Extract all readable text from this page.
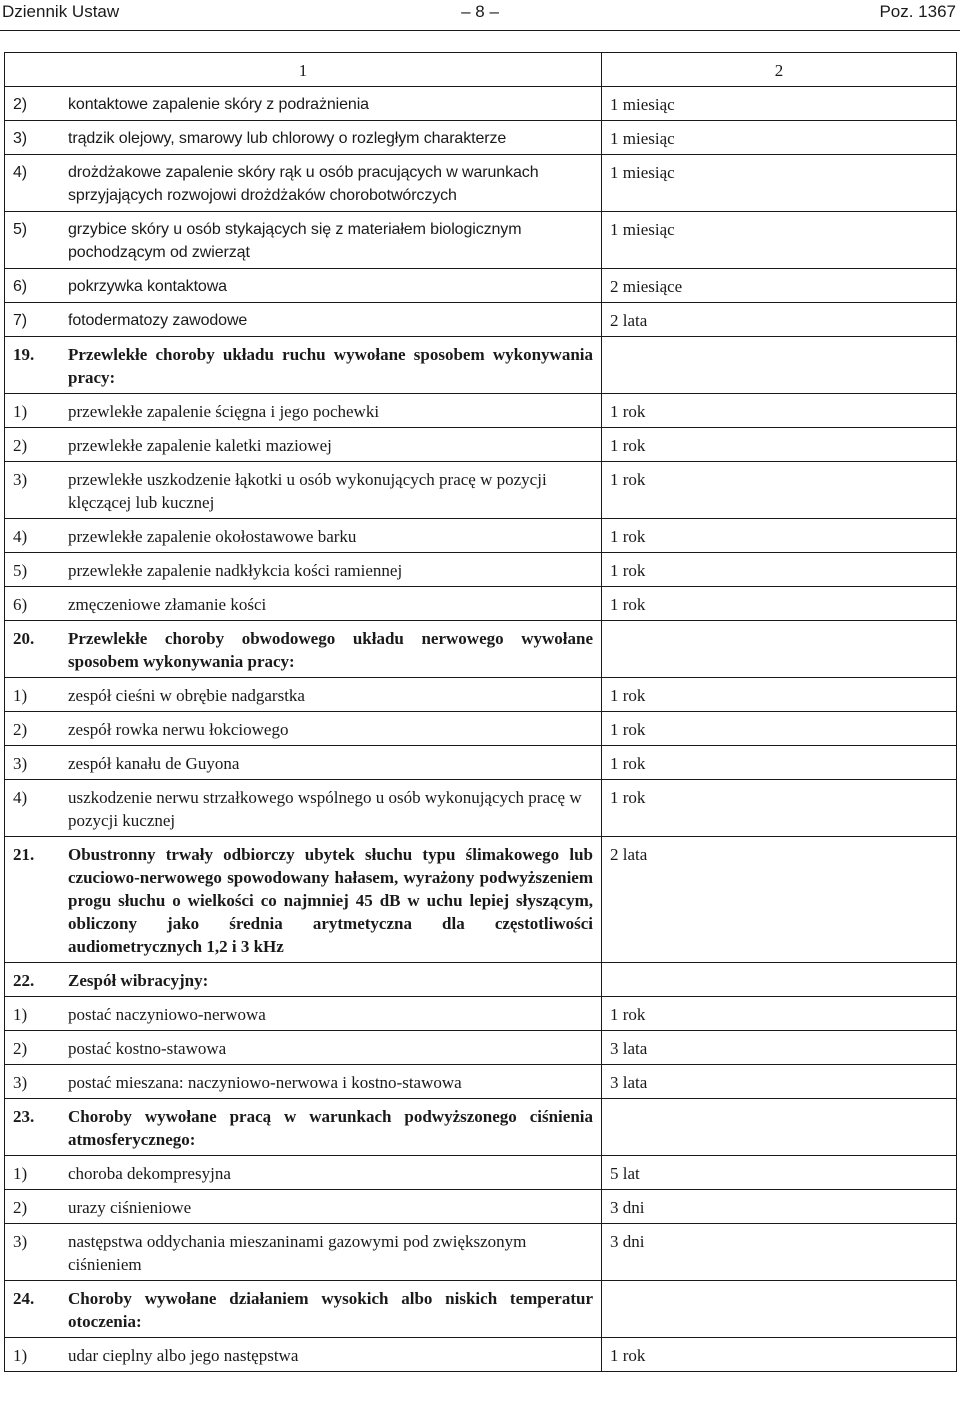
Dziennik Ustaw	– 8 –	Poz. 1367
1	2

2) kontaktowe zapalenie skóry z podrażnienia	1 miesiąc

3) trądzik olejowy, smarowy lub chlorowy o rozległym charakterze	1 miesiąc

4) drożdżakowe zapalenie skóry rąk u osób pracujących w warunkach sprzyjających rozwojowi drożdżaków chorobotwórczych	1 miesiąc

5) grzybice skóry u osób stykających się z materiałem biologicznym pochodzącym od zwierząt	1 miesiąc

6) pokrzywka kontaktowa	2 miesiące

7) fotodermatozy zawodowe	2 lata

19. Przewlekłe choroby układu ruchu wywołane sposobem wykonywania pracy:	

1) przewlekłe zapalenie ścięgna i jego pochewki	1 rok

2) przewlekłe zapalenie kaletki maziowej	1 rok

3) przewlekłe uszkodzenie łąkotki u osób wykonujących pracę w pozycji klęczącej lub kucznej	1 rok

4) przewlekłe zapalenie okołostawowe barku	1 rok

5) przewlekłe zapalenie nadkłykcia kości ramiennej	1 rok

6) zmęczeniowe złamanie kości	1 rok

20. Przewlekłe choroby obwodowego układu nerwowego wywołane sposobem wykonywania pracy:	

1) zespół cieśni w obrębie nadgarstka	1 rok

2) zespół rowka nerwu łokciowego	1 rok

3) zespół kanału de Guyona	1 rok

4) uszkodzenie nerwu strzałkowego wspólnego u osób wykonujących pracę w pozycji kucznej	1 rok

21. Obustronny trwały odbiorczy ubytek słuchu typu ślimakowego lub czuciowo-nerwowego spowodowany hałasem, wyrażony podwyższeniem progu słuchu o wielkości co najmniej 45 dB w uchu lepiej słyszącym, obliczony jako średnia arytmetyczna dla częstotliwości audiometrycznych 1,2 i 3 kHz	2 lata

22. Zespół wibracyjny:	

1) postać naczyniowo-nerwowa	1 rok

2) postać kostno-stawowa	3 lata

3) postać mieszana: naczyniowo-nerwowa i kostno-stawowa	3 lata

23. Choroby wywołane pracą w warunkach podwyższonego ciśnienia atmosferycznego:	

1) choroba dekompresyjna	5 lat

2) urazy ciśnieniowe	3 dni

3) następstwa oddychania mieszaninami gazowymi pod zwiększonym ciśnieniem	3 dni

24. Choroby wywołane działaniem wysokich albo niskich temperatur otoczenia:	

1) udar cieplny albo jego następstwa	1 rok
